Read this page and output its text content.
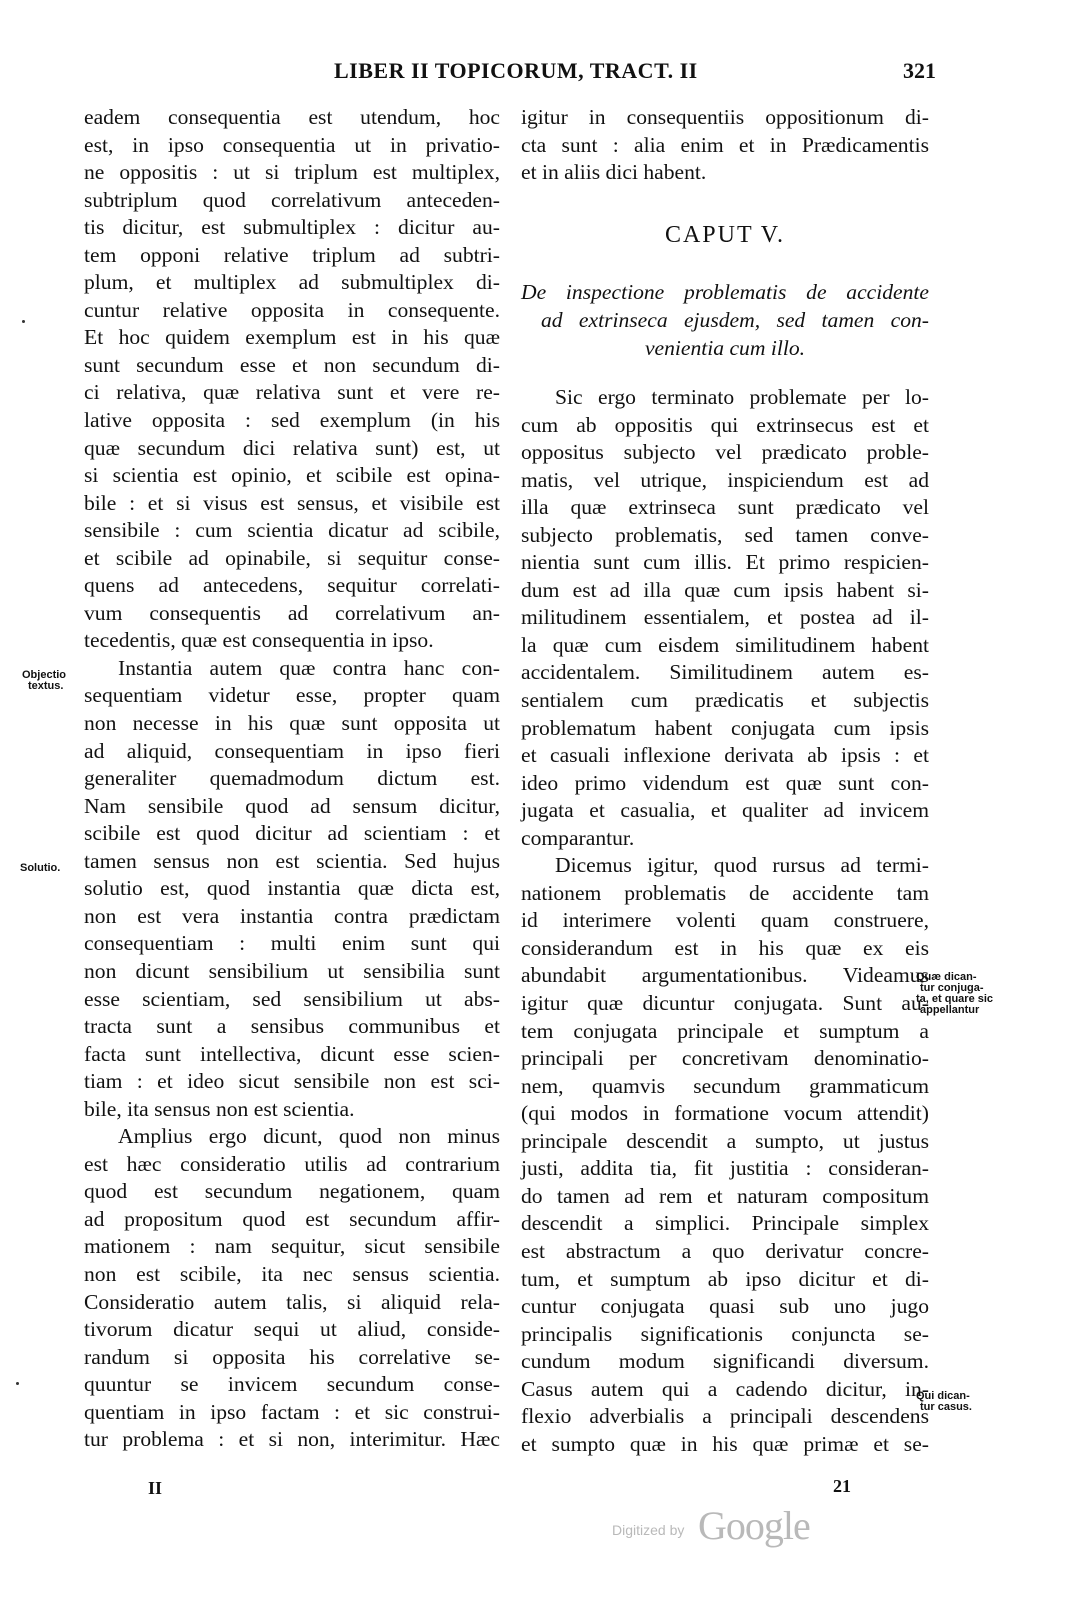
LIBER II TOPICORUM, TRACT. II	321
eadem consequentia est utendum, hoc
est, in ipso consequentia ut in privatio-
ne oppositis : ut si triplum est multiplex,
subtriplum quod correlativum anteceden-
tis dicitur, est submultiplex : dicitur au-
tem opponi relative triplum ad subtri-
plum, et multiplex ad submultiplex di-
cuntur relative opposita in consequente.
Et hoc quidem exemplum est in his quæ
sunt secundum esse et non secundum di-
ci relativa, quæ relativa sunt et vere re-
lative opposita : sed exemplum (in his
quæ secundum dici relativa sunt) est, ut
si scientia est opinio, et scibile est opina-
bile : et si visus est sensus, et visibile est
sensibile : cum scientia dicatur ad scibile,
et scibile ad opinabile, si sequitur conse-
quens ad antecedens, sequitur correlati-
vum consequentis ad correlativum an-
tecedentis, quæ est consequentia in ipso.
Instantia autem quæ contra hanc con-
sequentiam videtur esse, propter quam
non necesse in his quæ sunt opposita ut
ad aliquid, consequentiam in ipso fieri
generaliter quemadmodum dictum est.
Nam sensibile quod ad sensum dicitur,
scibile est quod dicitur ad scientiam : et
tamen sensus non est scientia. Sed hujus
solutio est, quod instantia quæ dicta est,
non est vera instantia contra prædictam
consequentiam : multi enim sunt qui
non dicunt sensibilium ut sensibilia sunt
esse scientiam, sed sensibilium ut abs-
tracta sunt a sensibus communibus et
facta sunt intellectiva, dicunt esse scien-
tiam : et ideo sicut sensibile non est sci-
bile, ita sensus non est scientia.
Amplius ergo dicunt, quod non minus
est hæc consideratio utilis ad contrarium
quod est secundum negationem, quam
ad propositum quod est secundum affir-
mationem : nam sequitur, sicut sensibile
non est scibile, ita nec sensus scientia.
Consideratio autem talis, si aliquid rela-
tivorum dicatur sequi ut aliud, conside-
randum si opposita his correlative se-
quuntur se invicem secundum conse-
quentiam in ipso factam : et sic construi-
tur problema : et si non, interimitur. Hæc
igitur in consequentiis oppositionum di-
cta sunt : alia enim et in Prædicamentis
et in aliis dici habent.
CAPUT V.
De inspectione problematis de accidente
ad extrinseca ejusdem, sed tamen con-
venientia cum illo.
Sic ergo terminato problemate per lo-
cum ab oppositis qui extrinsecus est et
oppositus subjecto vel prædicato proble-
matis, vel utrique, inspiciendum est ad
illa quæ extrinseca sunt prædicato vel
subjecto problematis, sed tamen conve-
nientia sunt cum illis. Et primo respicien-
dum est ad illa quæ cum ipsis habent si-
militudinem essentialem, et postea ad il-
la quæ cum eisdem similitudinem habent
accidentalem. Similitudinem autem es-
sentialem cum prædicatis et subjectis
problematum habent conjugata cum ipsis
et casuali inflexione derivata ab ipsis : et
ideo primo videndum est quæ sunt con-
jugata et casualia, et qualiter ad invicem
comparantur.
Dicemus igitur, quod rursus ad termi-
nationem problematis de accidente tam
id interimere volenti quam construere,
considerandum est in his quæ ex eis
abundabit argumentationibus. Videamus
igitur quæ dicuntur conjugata. Sunt au-
tem conjugata principale et sumptum a
principali per concretivam denominatio-
nem, quamvis secundum grammaticum
(qui modos in formatione vocum attendit)
principale descendit a sumpto, ut justus
justi, addita tia, fit justitia : consideran-
do tamen ad rem et naturam compositum
descendit a simplici. Principale simplex
est abstractum a quo derivatur concre-
tum, et sumptum ab ipso dicitur et di-
cuntur conjugata quasi sub uno jugo
principalis significationis conjuncta se-
cundum modum significandi diversum.
Casus autem qui a cadendo dicitur, in-
flexio adverbialis a principali descendens
et sumpto quæ in his quæ primæ et se-
Objectio
textus.
Solutio.
Quæ dican-
tur conjuga-
ta, et quare sic
appellantur
Qui dican-
tur casus.
II	21
Digitized by Google
